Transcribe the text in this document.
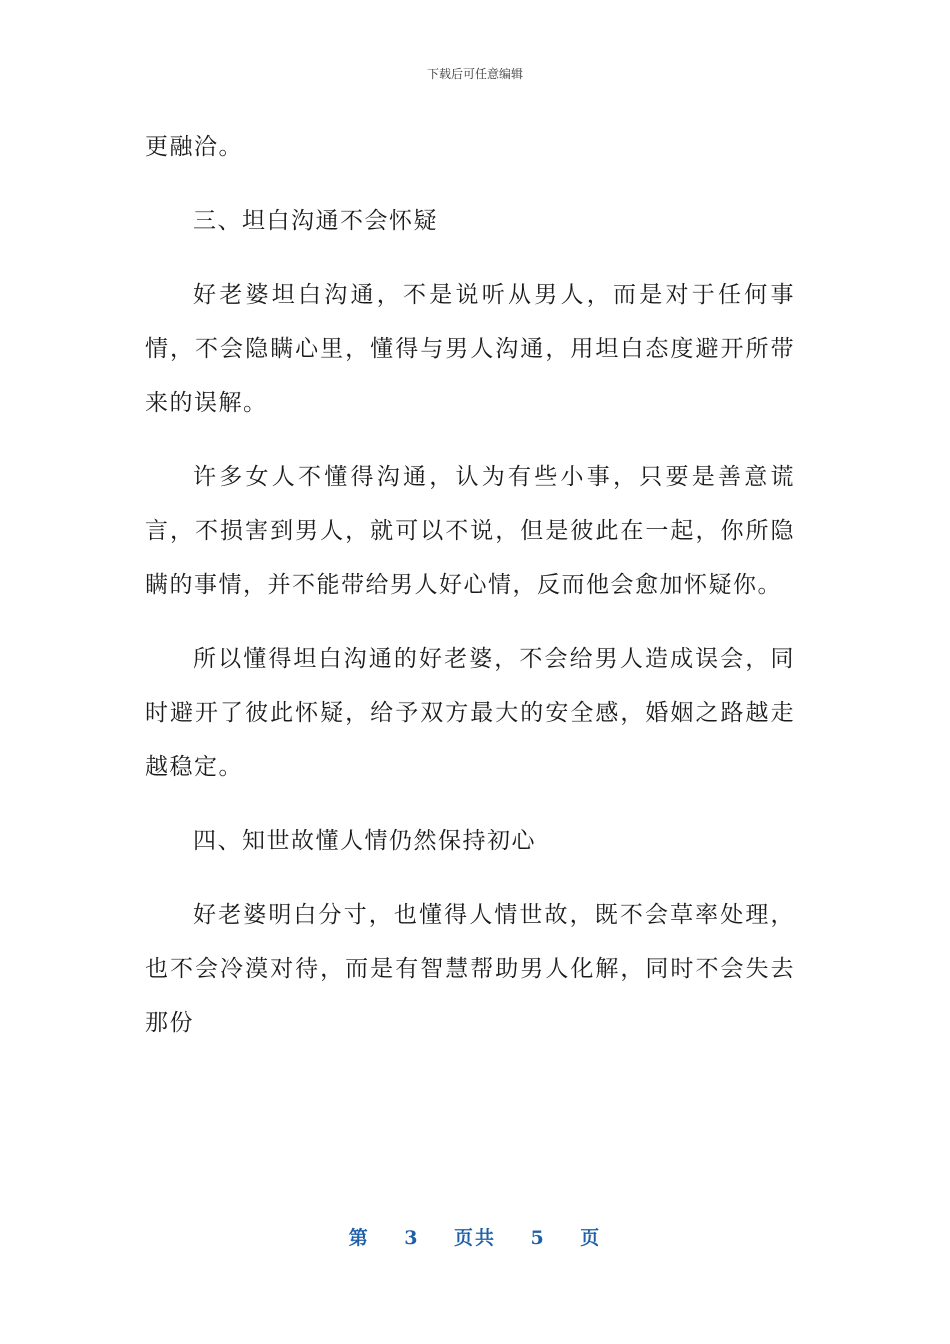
下载后可任意编辑

更融洽。

三、坦白沟通不会怀疑

好老婆坦白沟通，不是说听从男人，而是对于任何事情，不会隐瞒心里，懂得与男人沟通，用坦白态度避开所带来的误解。

许多女人不懂得沟通，认为有些小事，只要是善意谎言，不损害到男人，就可以不说，但是彼此在一起，你所隐瞒的事情，并不能带给男人好心情，反而他会愈加怀疑你。

所以懂得坦白沟通的好老婆，不会给男人造成误会，同时避开了彼此怀疑，给予双方最大的安全感，婚姻之路越走越稳定。

四、知世故懂人情仍然保持初心

好老婆明白分寸，也懂得人情世故，既不会草率处理，也不会冷漠对待，而是有智慧帮助男人化解，同时不会失去那份

第 3 页共 5 页
